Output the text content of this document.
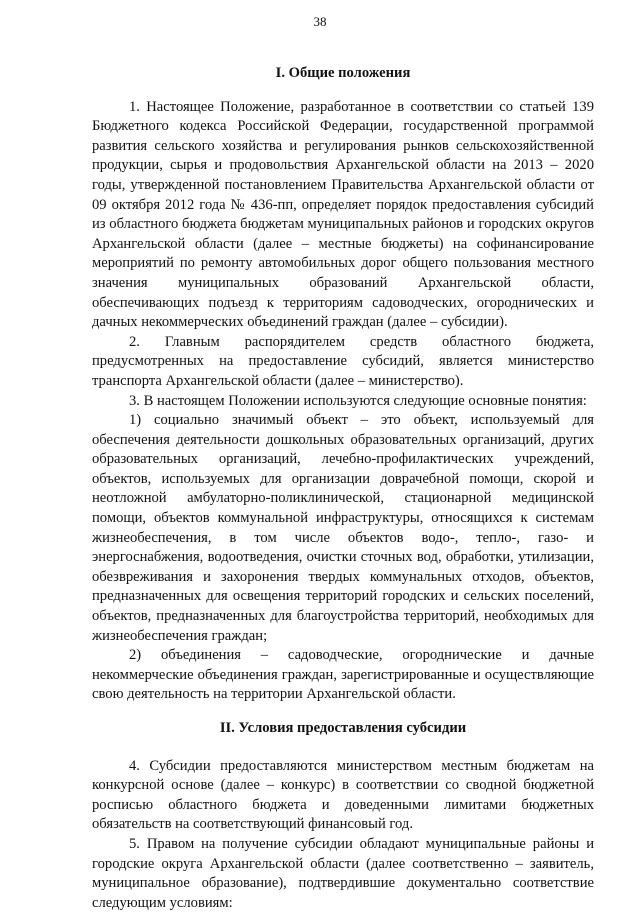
38
I. Общие положения

1. Настоящее Положение, разработанное в соответствии со статьей 139 Бюджетного кодекса Российской Федерации, государственной программой развития сельского хозяйства и регулирования рынков сельскохозяйственной продукции, сырья и продовольствия Архангельской области на 2013 – 2020 годы, утвержденной постановлением Правительства Архангельской области от 09 октября 2012 года № 436-пп, определяет порядок предоставления субсидий из областного бюджета бюджетам муниципальных районов и городских округов Архангельской области (далее – местные бюджеты) на софинансирование мероприятий по ремонту автомобильных дорог общего пользования местного значения муниципальных образований Архангельской области, обеспечивающих подъезд к территориям садоводческих, огороднических и дачных некоммерческих объединений граждан (далее – субсидии).

2. Главным распорядителем средств областного бюджета, предусмотренных на предоставление субсидий, является министерство транспорта Архангельской области (далее – министерство).

3. В настоящем Положении используются следующие основные понятия:

1) социально значимый объект – это объект, используемый для обеспечения деятельности дошкольных образовательных организаций, других образовательных организаций, лечебно-профилактических учреждений, объектов, используемых для организации доврачебной помощи, скорой и неотложной амбулаторно-поликлинической, стационарной медицинской помощи, объектов коммунальной инфраструктуры, относящихся к системам жизнеобеспечения, в том числе объектов водо-, тепло-, газо- и энергоснабжения, водоотведения, очистки сточных вод, обработки, утилизации, обезвреживания и захоронения твердых коммунальных отходов, объектов, предназначенных для освещения территорий городских и сельских поселений, объектов, предназначенных для благоустройства территорий, необходимых для жизнеобеспечения граждан;

2) объединения – садоводческие, огороднические и дачные некоммерческие объединения граждан, зарегистрированные и осуществляющие свою деятельность на территории Архангельской области.

II. Условия предоставления субсидии

4. Субсидии предоставляются министерством местным бюджетам на конкурсной основе (далее – конкурс) в соответствии со сводной бюджетной росписью областного бюджета и доведенными лимитами бюджетных обязательств на соответствующий финансовый год.

5. Правом на получение субсидии обладают муниципальные районы и городские округа Архангельской области (далее соответственно – заявитель, муниципальное образование), подтвердившие документально соответствие следующим условиям:
